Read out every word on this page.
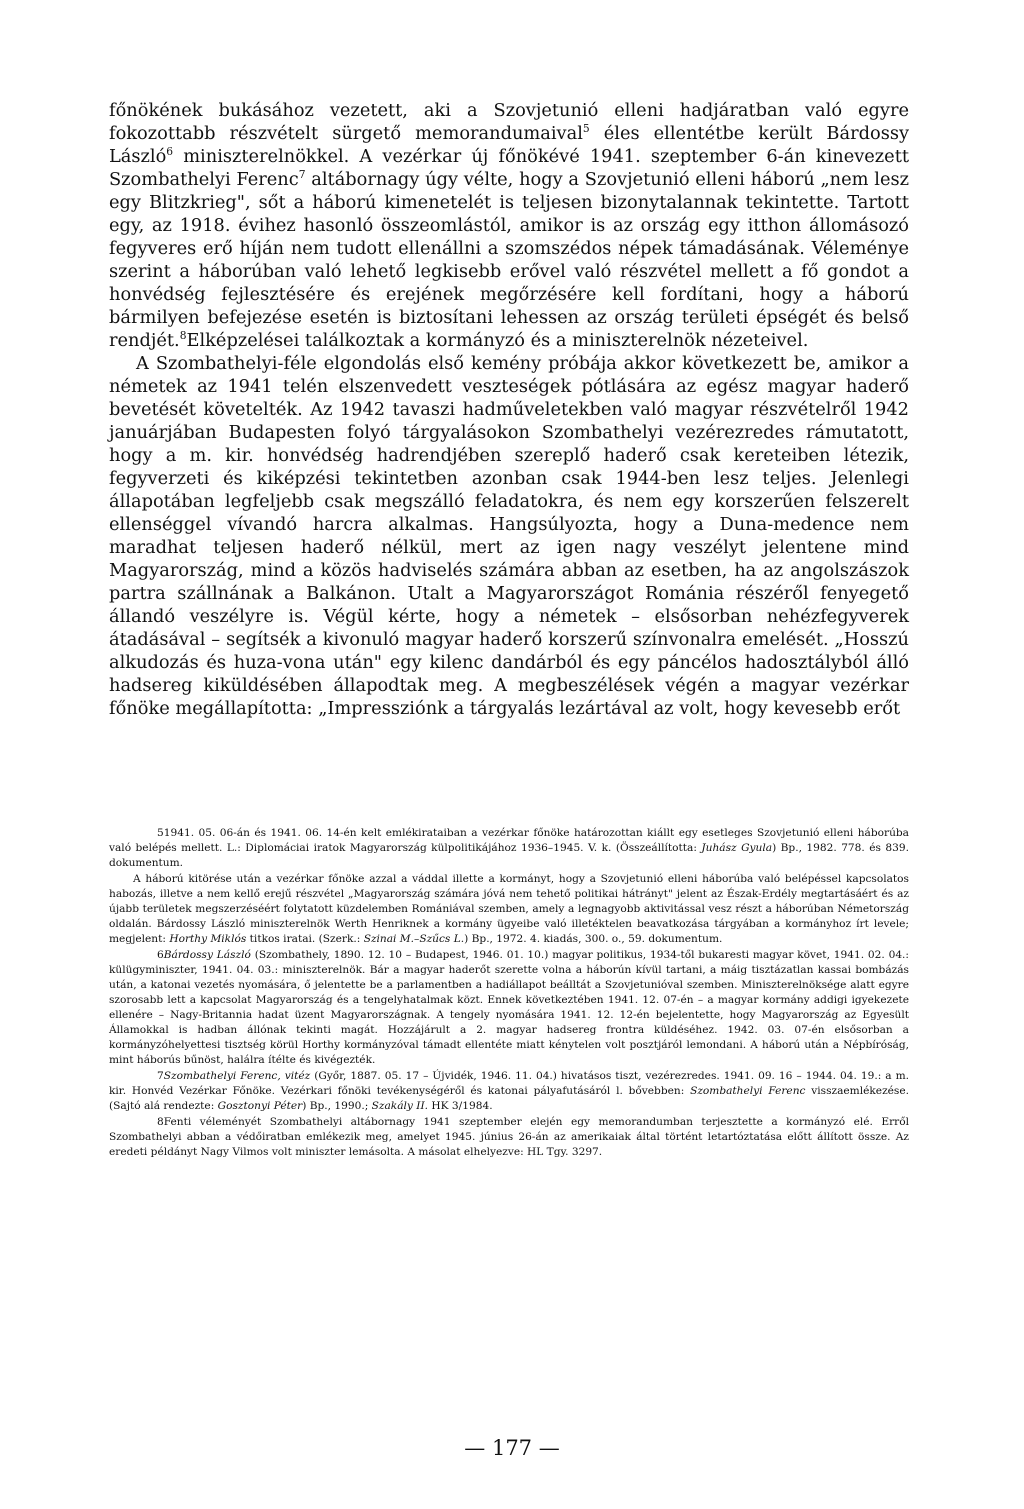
főnökének bukásához vezetett, aki a Szovjetunió elleni hadjáratban való egyre fokozottabb részvételt sürgető memorandumaival$^5$ éles ellentétbe került Bárdossy László$^6$ miniszterelnökkel. A vezérkar új főnökévé 1941. szeptember 6-án kinevezett Szombathelyi Ferenc$^7$ altábornagy úgy vélte, hogy a Szovjetunió elleni háború „nem lesz egy Blitzkrieg", sőt a háború kimenetelét is teljesen bizonytalannak tekintette. Tartott egy, az 1918. évihez hasonló összeomlástól, amikor is az ország egy itthon állomásozó fegyveres erő híján nem tudott ellenállni a szomszédos népek támadásának. Véleménye szerint a háborúban való lehető legkisebb erővel való részvétel mellett a fő gondot a honvédség fejlesztésére és erejének megőrzésére kell fordítani, hogy a háború bármilyen befejezése esetén is biztosítani lehessen az ország területi épségét és belső rendjét.$^8$Elképzelései találkoztak a kormányzó és a miniszterelnök nézeteivel.

A Szombathelyi-féle elgondolás első kemény próbája akkor következett be, amikor a németek az 1941 telén elszenvedett veszteségek pótlására az egész magyar haderő bevetését követelték. Az 1942 tavaszi hadműveletekben való magyar részvételről 1942 januárjában Budapesten folyó tárgyalásokon Szombathelyi vezérezredes rámutatott, hogy a m. kir. honvédség hadrendjében szereplő haderő csak kereteiben létezik, fegyverzeti és kiképzési tekintetben azonban csak 1944-ben lesz teljes. Jelenlegi állapotában legfeljebb csak megszálló feladatokra, és nem egy korszerűen felszerelt ellenséggel vívandó harcra alkalmas. Hangsúlyozta, hogy a Duna-medence nem maradhat teljesen haderő nélkül, mert az igen nagy veszélyt jelentene mind Magyarország, mind a közös hadviselés számára abban az esetben, ha az angolszászok partra szállnának a Balkánon. Utalt a Magyarországot Románia részéről fenyegető állandó veszélyre is. Végül kérte, hogy a németek – elsősorban nehézfegyverek átadásával – segítsék a kivonuló magyar haderő korszerű színvonalra emelését. „Hosszú alkudozás és huza-vona után" egy kilenc dandárból és egy páncélos hadosztályból álló hadsereg kiküldésében állapodtak meg. A megbeszélések végén a magyar vezérkar főnöke megállapította: „Impressziónk a tárgyalás lezártával az volt, hogy kevesebb erőt

51941. 05. 06-án és 1941. 06. 14-én kelt emlékirataiban a vezérkar főnöke határozottan kiállt egy esetleges Szovjetunió elleni háborúba való belépés mellett. L.: Diplomáciai iratok Magyarország külpolitikájához 1936–1945. V. k. (Összeállította: Juhász Gyula) Bp., 1982. 778. és 839. dokumentum.

A háború kitörése után a vezérkar főnöke azzal a váddal illette a kormányt, hogy a Szovjetunió elleni háborúba való belépéssel kapcsolatos habozás, illetve a nem kellő erejű részvétel „Magyarország számára jóvá nem tehető politikai hátrányt" jelent az Észak-Erdély megtartásáért és az újabb területek megszerzéséért folytatott küzdelemben Romániával szemben, amely a legnagyobb aktivitással vesz részt a háborúban Németország oldalán. Bárdossy László miniszterelnök Werth Henriknek a kormány ügyeibe való illetéktelen beavatkozása tárgyában a kormányhoz írt levele; megjelent: Horthy Miklós titkos iratai. (Szerk.: Szinai M.–Szűcs L.) Bp., 1972. 4. kiadás, 300. o., 59. dokumentum.

6Bárdossy László (Szombathely, 1890. 12. 10 – Budapest, 1946. 01. 10.) magyar politikus, 1934-től bukaresti magyar követ, 1941. 02. 04.: külügyminiszter, 1941. 04. 03.: miniszterelnök. Bár a magyar haderőt szerette volna a háborún kívül tartani, a máig tisztázatlan kassai bombázás után, a katonai vezetés nyomására, ő jelentette be a parlamentben a hadiállapot beálltát a Szovjetunióval szemben. Miniszterelnöksége alatt egyre szorosabb lett a kapcsolat Magyarország és a tengelyhatalmak közt. Ennek következtében 1941. 12. 07-én – a magyar kormány addigi igyekezete ellenére – Nagy-Britannia hadat üzent Magyarországnak. A tengely nyomására 1941. 12. 12-én bejelentette, hogy Magyarország az Egyesült Államokkal is hadban állónak tekinti magát. Hozzájárult a 2. magyar hadsereg frontra küldéséhez. 1942. 03. 07-én elsősorban a kormányzóhelyettesi tisztség körül Horthy kormányzóval támadt ellentéte miatt kénytelen volt posztjáról lemondani. A háború után a Népbíróság, mint háborús bűnöst, halálra ítélte és kivégezték.

7Szombathelyi Ferenc, vitéz (Győr, 1887. 05. 17 – Újvidék, 1946. 11. 04.) hivatásos tiszt, vezérezredes. 1941. 09. 16 – 1944. 04. 19.: a m. kir. Honvéd Vezérkar Főnöke. Vezérkari főnöki tevékenységéről és katonai pályafutásáról l. bővebben: Szombathelyi Ferenc visszaemlékezése. (Sajtó alá rendezte: Gosztonyi Péter) Bp., 1990.; Szakály II. HK 3/1984.

8Fenti véleményét Szombathelyi altábornagy 1941 szeptember elején egy memorandumban terjesztette a kormányzó elé. Erről Szombathelyi abban a védőiratban emlékezik meg, amelyet 1945. június 26-án az amerikaiak által történt letartóztatása előtt állított össze. Az eredeti példányt Nagy Vilmos volt miniszter lemásolta. A másolat elhelyezve: HL Tgy. 3297.

— 177 —
